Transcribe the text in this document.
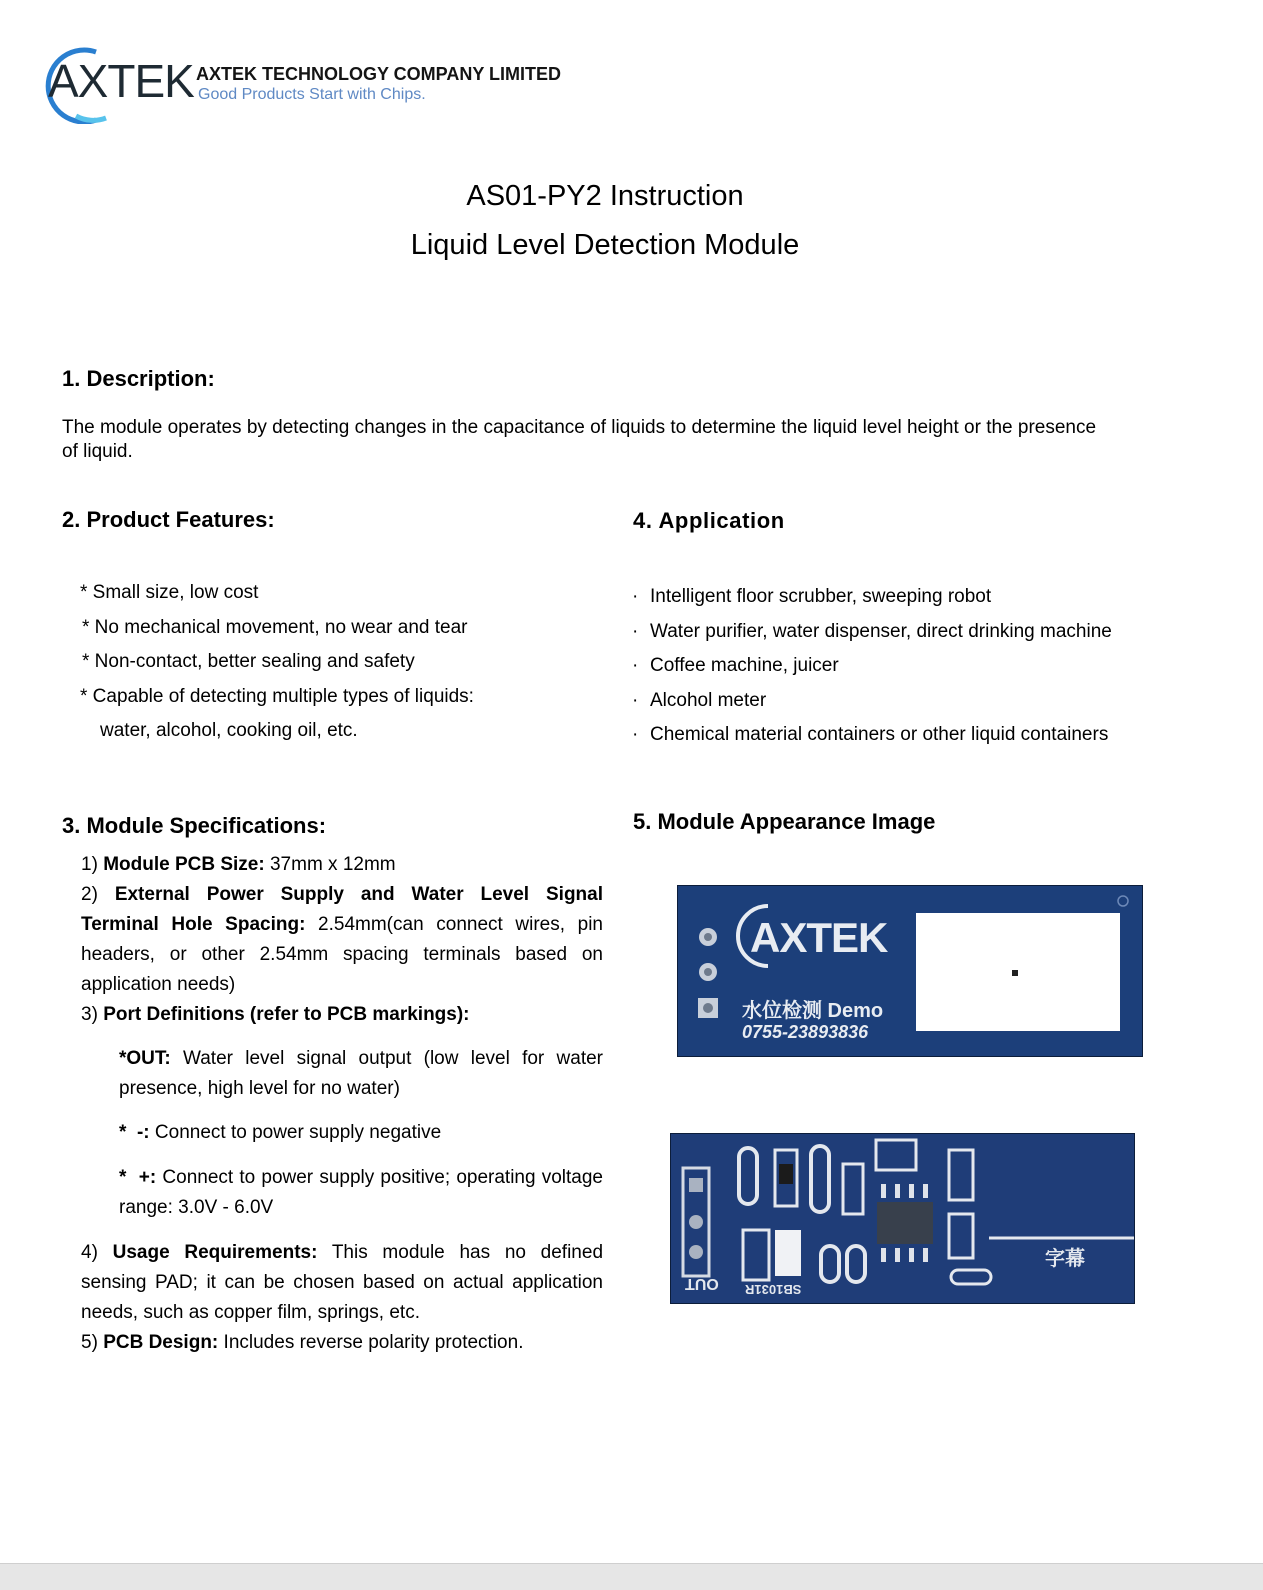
AXTEK AXTEK TECHNOLOGY COMPANY LIMITED
Good Products Start with Chips.
AS01-PY2 Instruction
Liquid Level Detection Module
1. Description:
The module operates by detecting changes in the capacitance of liquids to determine the liquid level height or the presence of liquid.
2. Product Features:
* Small size, low cost
* No mechanical movement, no wear and tear
* Non-contact, better sealing and safety
* Capable of detecting multiple types of liquids:
water, alcohol, cooking oil, etc.
4. Application
· Intelligent floor scrubber, sweeping robot
· Water purifier, water dispenser, direct drinking machine
· Coffee machine, juicer
· Alcohol meter
· Chemical material containers or other liquid containers
3. Module Specifications:
1) Module PCB Size: 37mm x 12mm
2) External Power Supply and Water Level Signal Terminal Hole Spacing: 2.54mm(can connect wires, pin headers, or other 2.54mm spacing terminals based on application needs)
3) Port Definitions (refer to PCB markings):
*OUT: Water level signal output (low level for water presence, high level for no water)
* -: Connect to power supply negative
* +: Connect to power supply positive; operating voltage range: 3.0V - 6.0V
4) Usage Requirements: This module has no defined sensing PAD; it can be chosen based on actual application needs, such as copper film, springs, etc.
5) PCB Design: Includes reverse polarity protection.
5. Module Appearance Image
AXTEK
水位检测 Demo
0755-23893836
OUT SB1031R
字幕
